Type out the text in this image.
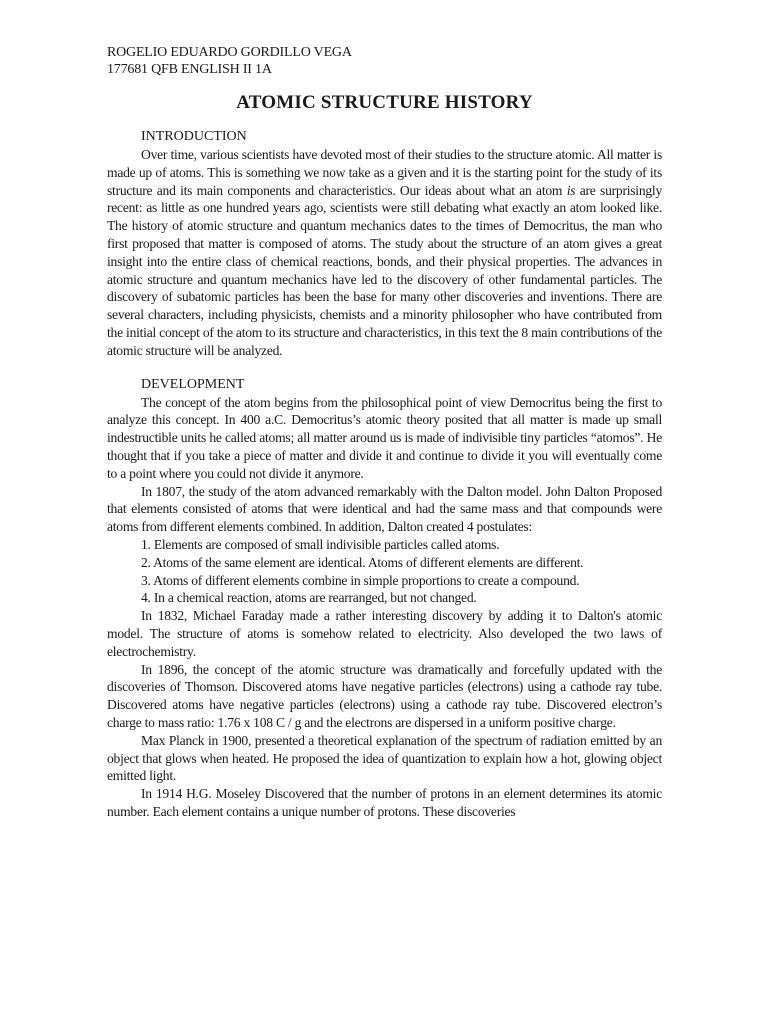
ROGELIO EDUARDO GORDILLO VEGA
177681 QFB ENGLISH II 1A
ATOMIC STRUCTURE HISTORY
INTRODUCTION

Over time, various scientists have devoted most of their studies to the structure atomic. All matter is made up of atoms. This is something we now take as a given and it is the starting point for the study of its structure and its main components and characteristics. Our ideas about what an atom is are surprisingly recent: as little as one hundred years ago, scientists were still debating what exactly an atom looked like. The history of atomic structure and quantum mechanics dates to the times of Democritus, the man who first proposed that matter is composed of atoms. The study about the structure of an atom gives a great insight into the entire class of chemical reactions, bonds, and their physical properties. The advances in atomic structure and quantum mechanics have led to the discovery of other fundamental particles. The discovery of subatomic particles has been the base for many other discoveries and inventions. There are several characters, including physicists, chemists and a minority philosopher who have contributed from the initial concept of the atom to its structure and characteristics, in this text the 8 main contributions of the atomic structure will be analyzed.

DEVELOPMENT

The concept of the atom begins from the philosophical point of view Democritus being the first to analyze this concept. In 400 a.C. Democritus’s atomic theory posited that all matter is made up small indestructible units he called atoms; all matter around us is made of indivisible tiny particles “atomos”. He thought that if you take a piece of matter and divide it and continue to divide it you will eventually come to a point where you could not divide it anymore.

In 1807, the study of the atom advanced remarkably with the Dalton model. John Dalton Proposed that elements consisted of atoms that were identical and had the same mass and that compounds were atoms from different elements combined. In addition, Dalton created 4 postulates:

1. Elements are composed of small indivisible particles called atoms.
2. Atoms of the same element are identical. Atoms of different elements are different.
3. Atoms of different elements combine in simple proportions to create a compound.
4. In a chemical reaction, atoms are rearranged, but not changed.

In 1832, Michael Faraday made a rather interesting discovery by adding it to Dalton's atomic model. The structure of atoms is somehow related to electricity. Also developed the two laws of electrochemistry.

In 1896, the concept of the atomic structure was dramatically and forcefully updated with the discoveries of Thomson. Discovered atoms have negative particles (electrons) using a cathode ray tube. Discovered atoms have negative particles (electrons) using a cathode ray tube. Discovered electron’s charge to mass ratio: 1.76 x 108 C / g and the electrons are dispersed in a uniform positive charge.

Max Planck in 1900, presented a theoretical explanation of the spectrum of radiation emitted by an object that glows when heated. He proposed the idea of quantization to explain how a hot, glowing object emitted light.

In 1914 H.G. Moseley Discovered that the number of protons in an element determines its atomic number. Each element contains a unique number of protons. These discoveries
